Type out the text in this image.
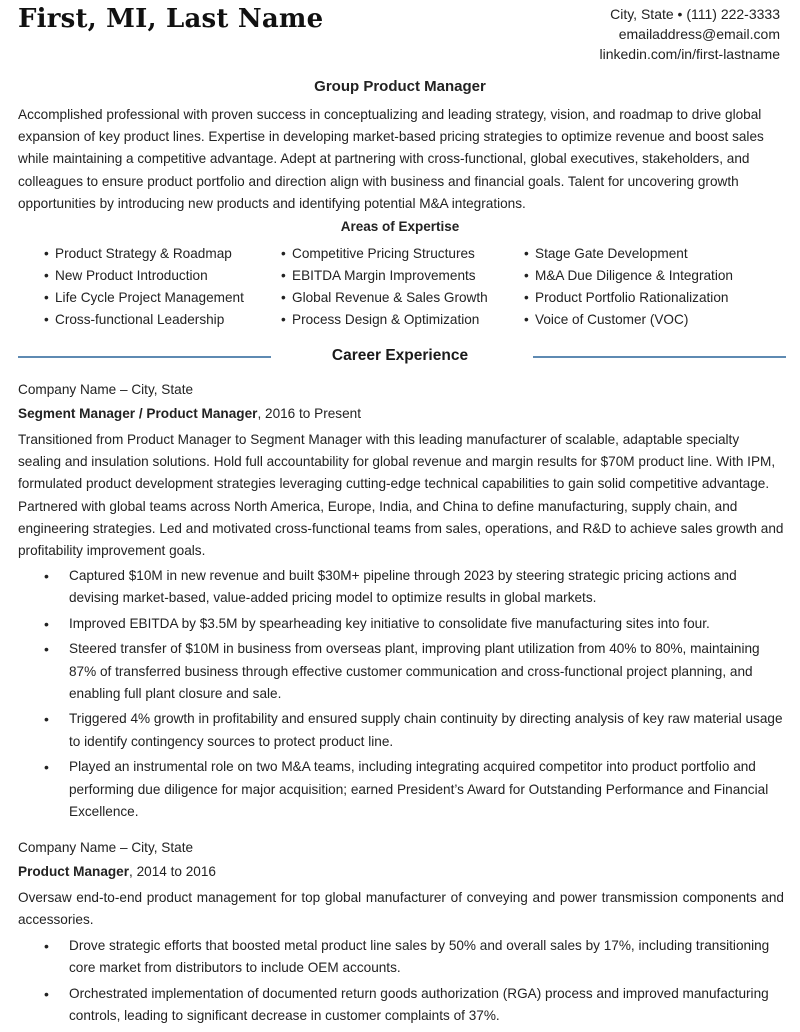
First, MI, Last Name	City, State • (111) 222-3333
emailaddress@email.com
linkedin.com/in/first-lastname
Group Product Manager
Accomplished professional with proven success in conceptualizing and leading strategy, vision, and roadmap to drive global expansion of key product lines. Expertise in developing market-based pricing strategies to optimize revenue and boost sales while maintaining a competitive advantage. Adept at partnering with cross-functional, global executives, stakeholders, and colleagues to ensure product portfolio and direction align with business and financial goals. Talent for uncovering growth opportunities by introducing new products and identifying potential M&A integrations.
Areas of Expertise
• Product Strategy & Roadmap
• New Product Introduction
• Life Cycle Project Management
• Cross-functional Leadership
• Competitive Pricing Structures
• EBITDA Margin Improvements
• Global Revenue & Sales Growth
• Process Design & Optimization
• Stage Gate Development
• M&A Due Diligence & Integration
• Product Portfolio Rationalization
• Voice of Customer (VOC)
Career Experience
Company Name – City, State
Segment Manager / Product Manager, 2016 to Present
Transitioned from Product Manager to Segment Manager with this leading manufacturer of scalable, adaptable specialty sealing and insulation solutions. Hold full accountability for global revenue and margin results for $70M product line. With IPM, formulated product development strategies leveraging cutting-edge technical capabilities to gain solid competitive advantage. Partnered with global teams across North America, Europe, India, and China to define manufacturing, supply chain, and engineering strategies. Led and motivated cross-functional teams from sales, operations, and R&D to achieve sales growth and profitability improvement goals.
• Captured $10M in new revenue and built $30M+ pipeline through 2023 by steering strategic pricing actions and devising market-based, value-added pricing model to optimize results in global markets.
• Improved EBITDA by $3.5M by spearheading key initiative to consolidate five manufacturing sites into four.
• Steered transfer of $10M in business from overseas plant, improving plant utilization from 40% to 80%, maintaining 87% of transferred business through effective customer communication and cross-functional project planning, and enabling full plant closure and sale.
• Triggered 4% growth in profitability and ensured supply chain continuity by directing analysis of key raw material usage to identify contingency sources to protect product line.
• Played an instrumental role on two M&A teams, including integrating acquired competitor into product portfolio and performing due diligence for major acquisition; earned President’s Award for Outstanding Performance and Financial Excellence.
Company Name – City, State
Product Manager, 2014 to 2016
Oversaw end-to-end product management for top global manufacturer of conveying and power transmission components and accessories.
• Drove strategic efforts that boosted metal product line sales by 50% and overall sales by 17%, including transitioning core market from distributors to include OEM accounts.
• Orchestrated implementation of documented return goods authorization (RGA) process and improved manufacturing controls, leading to significant decrease in customer complaints of 37%.
